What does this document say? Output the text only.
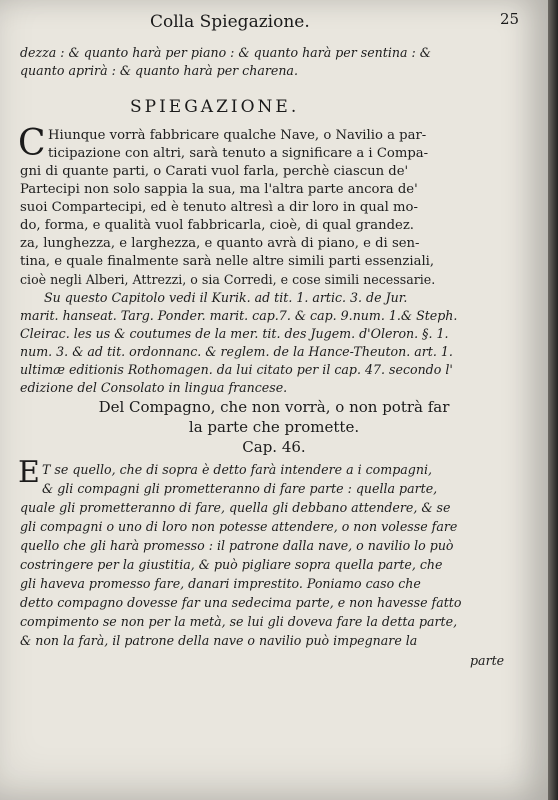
Colla Spiegazione.	25
dezza : & quanto harà per piano : & quanto harà per sentina : &
quanto aprirà : & quanto harà per charena.
SPIEGAZIONE.
C Hiunque vorrà fabbricare qualche Nave, o Navilio a par-
ticipazione con altri, sarà tenuto a significare a i Compa-
gni di quante parti, o Carati vuol farla, perchè ciascun de'
Partecipi non solo sappia la sua, ma l'altra parte ancora de'
suoi Compartecipi, ed è tenuto altresì a dir loro in qual mo-
do, forma, e qualità vuol fabbricarla, cioè, di qual grandez.
za, lunghezza, e larghezza, e quanto avrà di piano, e di sen-
tina, e quale finalmente sarà nelle altre simili parti essenziali,
cioè negli Alberi, Attrezzi, o sia Corredi, e cose simili necessarie.
Su questo Capitolo vedi il Kurik. ad tit. 1. artic. 3. de Jur.
marit. hanseat. Targ. Ponder. marit. cap.7. & cap. 9.num. 1.& Steph.
Cleirac. les us & coutumes de la mer. tit. des Jugem. d'Oleron. §. 1.
num. 3. & ad tit. ordonnanc. & reglem. de la Hance-Theuton. art. 1.
ultimæ editionis Rothomagen. da lui citato per il cap. 47. secondo l'
edizione del Consolato in lingua francese.
Del Compagno, che non vorrà, o non potrà far
la parte che promette.
Cap. 46.
E T se quello, che di sopra è detto farà intendere a i compagni,
& gli compagni gli prometteranno di fare parte : quella parte,
quale gli prometteranno di fare, quella gli debbano attendere, & se
gli compagni o uno di loro non potesse attendere, o non volesse fare
quello che gli harà promesso : il patrone dalla nave, o navilio lo può
costringere per la giustitia, & può pigliare sopra quella parte, che
gli haveva promesso fare, danari imprestito. Poniamo caso che
detto compagno dovesse far una sedecima parte, e non havesse fatto
compimento se non per la metà, se lui gli doveva fare la detta parte,
& non la farà, il patrone della nave o navilio può impegnare la
parte
